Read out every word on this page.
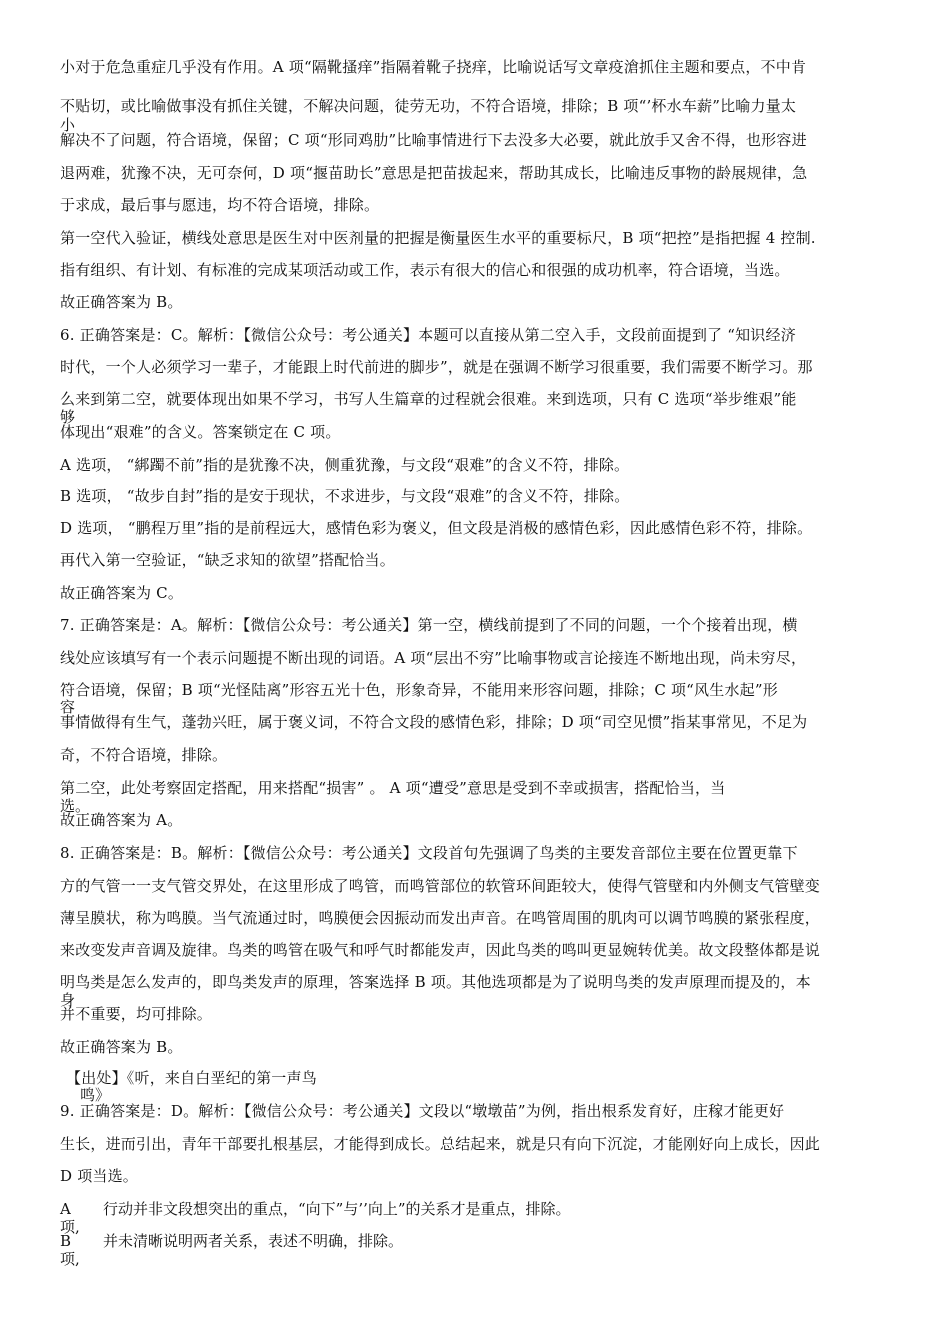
小对于危急重症几乎没有作用。A 项“隔靴搔痒”指隔着靴子挠痒，比喻说话写文章疫滄抓住主题和要点，不中肯
不贴切，或比喻做事没有抓住关键，不解决问题，徒劳无功，不符合语境，排除；B 项“’杯水车薪”比喻力量太
小
解决不了问题，符合语境，保留；C 项“形同鸡肋”比喻事情进行下去没多大必要，就此放手又舍不得，也形容进
退两难，犹豫不决，无可奈何，D 项“揠苗助长”意思是把苗拔起来，帮助其成长，比喻违反事物的龄展规律，急
于求成，最后事与愿违，均不符合语境，排除。
第一空代入验证，横线处意思是医生对中医剂量的把握是衡量医生水平的重要标尺，B 项“把控”是指把握 4 控制.
指有组织、有计划、有标准的完成某项活动或工作，表示有很大的信心和很强的成功机率，符合语境，当选。
故正确答案为 B。
6. 正确答案是：C。解析：【微信公众号：考公通关】本题可以直接从第二空入手，文段前面提到了 “知识经济
时代，一个人必须学习一辈子，才能跟上时代前进的脚步”，就是在强调不断学习很重要，我们需要不断学习。那
么来到第二空，就要体现出如果不学习，书写人生篇章的过程就会很难。来到选项，只有 C 选项“举步维艰”能
够
体现出“艰难”的含义。答案锁定在 C 项。
A 选项， “綁躅不前”指的是犹豫不决，侧重犹豫，与文段“艰难”的含义不符，排除。
B 选项， “故步自封”指的是安于现状，不求进步，与文段“艰难”的含义不符，排除。
D 选项， “鹏程万里”指的是前程远大，感情色彩为褒义，但文段是消极的感情色彩，因此感情色彩不符，排除。
再代入第一空验证，“缺乏求知的欲望”搭配恰当。
故正确答案为 C。
7. 正确答案是：A。解析：【微信公众号：考公通关】第一空，横线前提到了不同的问题，一个个接着出现，横
线处应该填写有一个表示问题提不断出现的词语。A 项“层出不穷”比喻事物或言论接连不断地出现，尚未穷尽，
符合语境，保留；B 项“光怪陆离”形容五光十色，形象奇异，不能用来形容问题，排除；C 项“风生水起”形
容
事情做得有生气，蓬勃兴旺，属于褒义词，不符合文段的感情色彩，排除；D 项“司空见惯”指某事常见，不足为
奇，不符合语境，排除。
第二空，此处考察固定搭配，用来搭配“损害” 。 A 项“遭受”意思是受到不幸或损害，搭配恰当，当
选。
故正确答案为 A。
8. 正确答案是：B。解析：【微信公众号：考公通关】文段首句先强调了鸟类的主要发音部位主要在位置更靠下
方的气管一一支气管交界处，在这里形成了鸣管，而鸣管部位的软管环间距较大，使得气管壁和内外侧支气管壁变
薄呈膜状，称为鸣膜。当气流通过时，鸣膜便会因振动而发出声音。在鸣管周围的肌肉可以调节鸣膜的紧张程度，
来改变发声音调及旋律。鸟类的鸣管在吸气和呼气时都能发声，因此鸟类的鸣叫更显婉转优美。故文段整体都是说
明鸟类是怎么发声的，即鸟类发声的原理，答案选择 B 项。其他选项都是为了说明鸟类的发声原理而提及的，本
身
并不重要，均可排除。
故正确答案为 B。
【出处】《听，来自白垩纪的第一声鸟
鸣》
9. 正确答案是：D。解析：【微信公众号：考公通关】文段以“墩墩苗”为例，指出根系发育好，庄稼才能更好
生长，进而引出，青年干部要扎根基层，才能得到成长。总结起来，就是只有向下沉淀，才能刚好向上成长，因此
D 项当选。
A
项,
行动并非文段想突出的重点，“向下”与’’向上”的关系才是重点，排除。
B
项,
并未清晰说明两者关系，表述不明确，排除。
